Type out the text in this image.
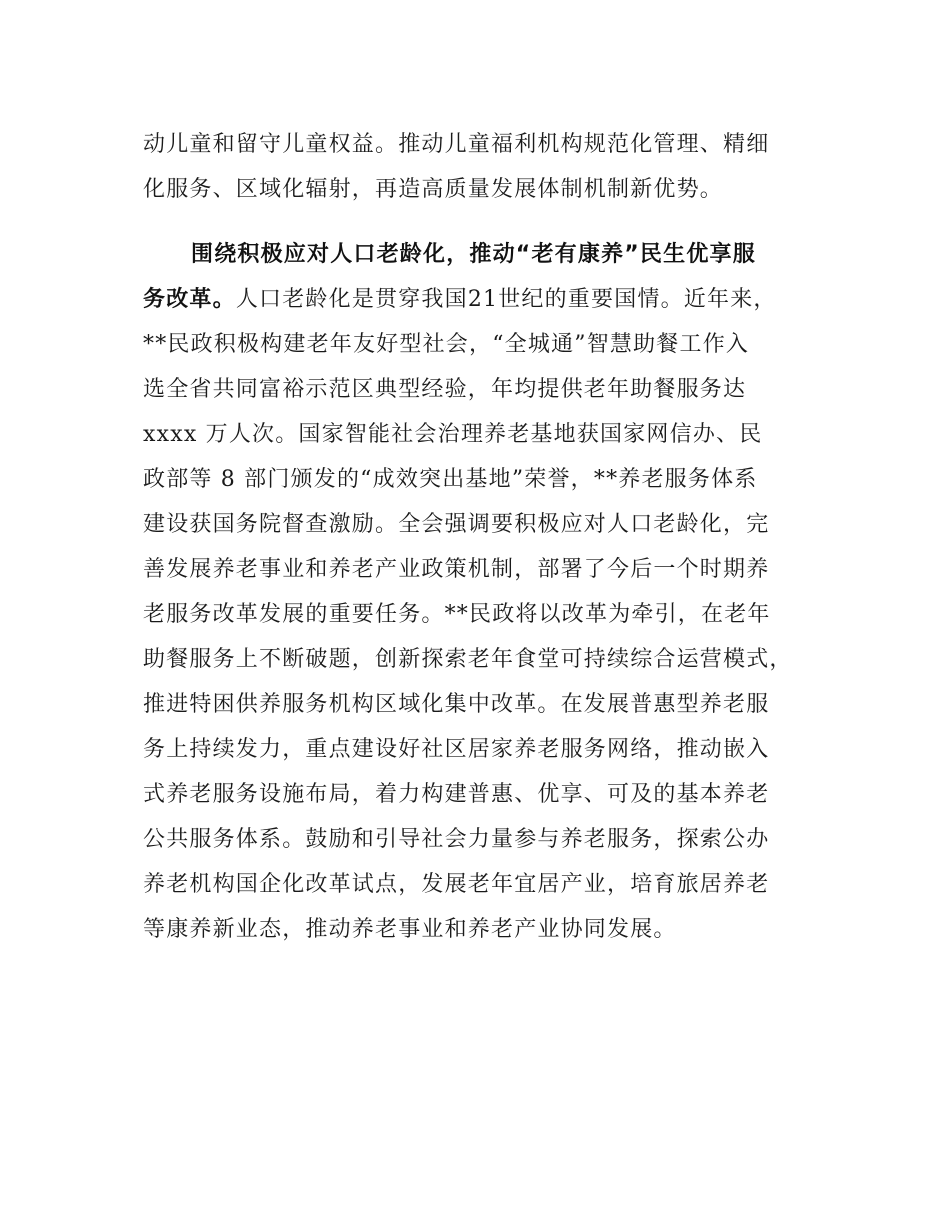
动儿童和留守儿童权益。推动儿童福利机构规范化管理、精细
化服务、区域化辐射，再造高质量发展体制机制新优势。
围绕积极应对人口老龄化，推动“老有康养”民生优享服
务改革。人口老龄化是贯穿我国21世纪的重要国情。近年来，
**民政积极构建老年友好型社会，“全城通”智慧助餐工作入
选全省共同富裕示范区典型经验，年均提供老年助餐服务达
xxxx 万人次。国家智能社会治理养老基地获国家网信办、民
政部等 8 部门颁发的“成效突出基地”荣誉，**养老服务体系
建设获国务院督查激励。全会强调要积极应对人口老龄化，完
善发展养老事业和养老产业政策机制，部署了今后一个时期养
老服务改革发展的重要任务。**民政将以改革为牵引，在老年
助餐服务上不断破题，创新探索老年食堂可持续综合运营模式，
推进特困供养服务机构区域化集中改革。在发展普惠型养老服
务上持续发力，重点建设好社区居家养老服务网络，推动嵌入
式养老服务设施布局，着力构建普惠、优享、可及的基本养老
公共服务体系。鼓励和引导社会力量参与养老服务，探索公办
养老机构国企化改革试点，发展老年宜居产业，培育旅居养老
等康养新业态，推动养老事业和养老产业协同发展。
